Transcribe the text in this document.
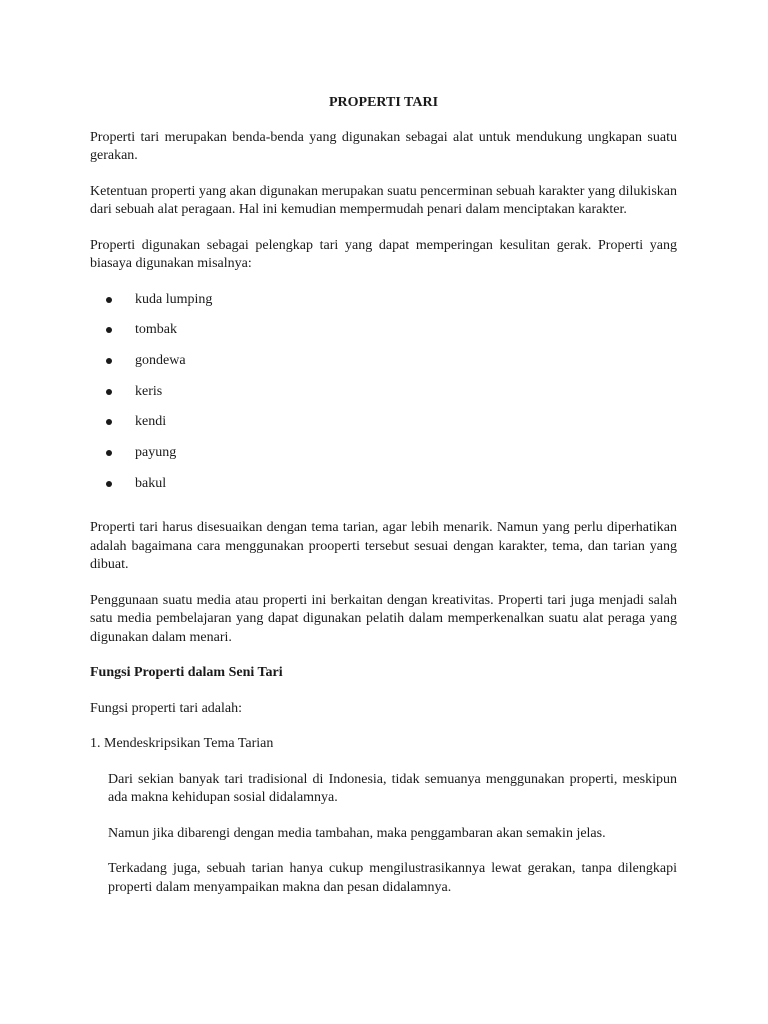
PROPERTI TARI

Properti tari merupakan benda-benda yang digunakan sebagai alat untuk mendukung ungkapan suatu gerakan.

Ketentuan properti yang akan digunakan merupakan suatu pencerminan sebuah karakter yang dilukiskan dari sebuah alat peragaan. Hal ini kemudian mempermudah penari dalam menciptakan karakter.

Properti digunakan sebagai pelengkap tari yang dapat memperingan kesulitan gerak. Properti yang biasaya digunakan misalnya:

kuda lumping
tombak
gondewa
keris
kendi
payung
bakul

Properti tari harus disesuaikan dengan tema tarian, agar lebih menarik. Namun yang perlu diperhatikan adalah bagaimana cara menggunakan prooperti tersebut sesuai dengan karakter, tema, dan tarian yang dibuat.

Penggunaan suatu media atau properti ini berkaitan dengan kreativitas. Properti tari juga menjadi salah satu media pembelajaran yang dapat digunakan pelatih dalam memperkenalkan suatu alat peraga yang digunakan dalam menari.

Fungsi Properti dalam Seni Tari

Fungsi properti tari adalah:

1. Mendeskripsikan Tema Tarian

Dari sekian banyak tari tradisional di Indonesia, tidak semuanya menggunakan properti, meskipun ada makna kehidupan sosial didalamnya.

Namun jika dibarengi dengan media tambahan, maka penggambaran akan semakin jelas.

Terkadang juga, sebuah tarian hanya cukup mengilustrasikannya lewat gerakan, tanpa dilengkapi properti dalam menyampaikan makna dan pesan didalamnya.
